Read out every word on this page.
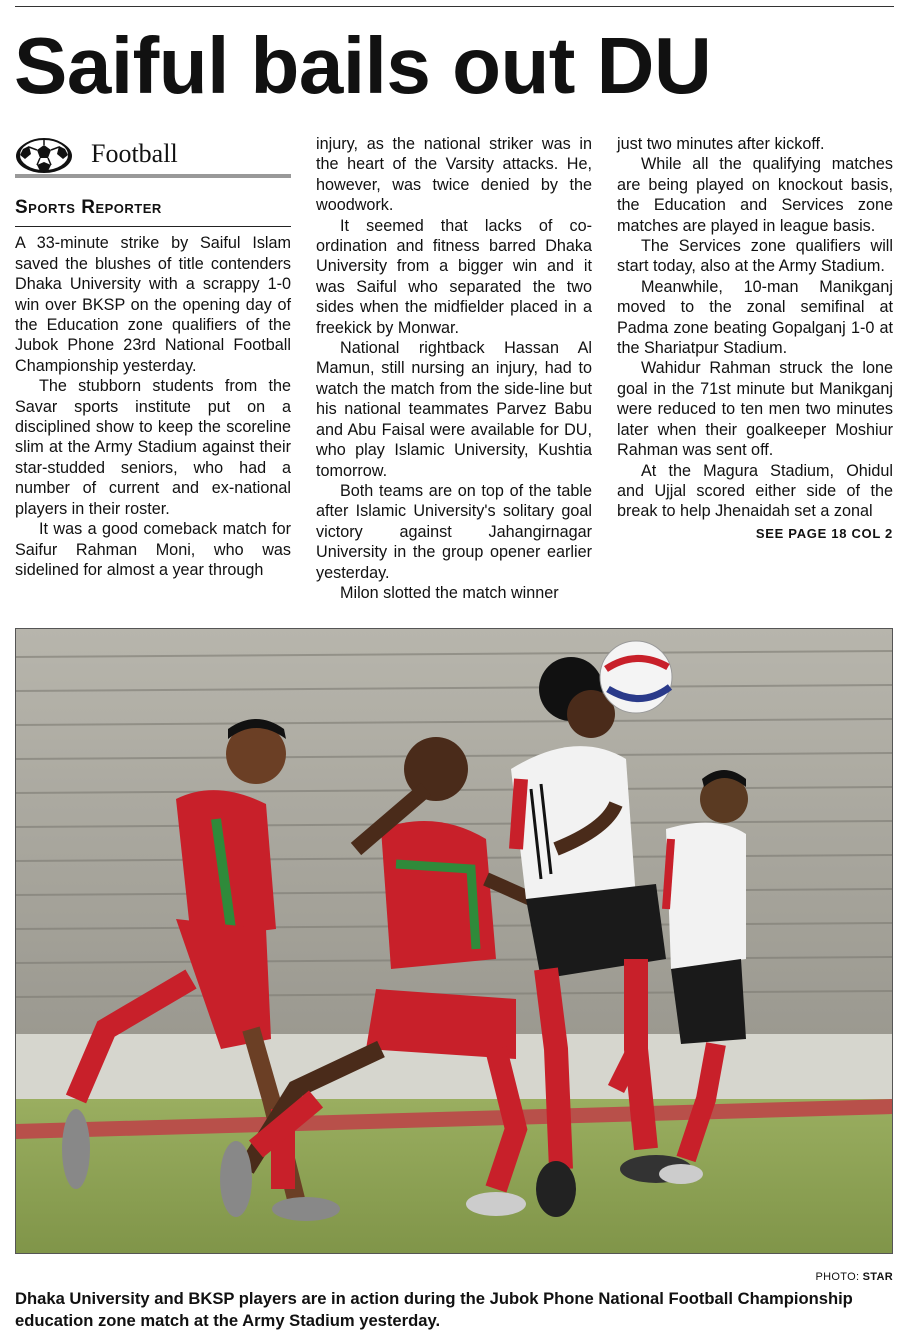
Saiful bails out DU
Football
Sports Reporter

A 33-minute strike by Saiful Islam saved the blushes of title contenders Dhaka University with a scrappy 1-0 win over BKSP on the opening day of the Education zone qualifiers of the Jubok Phone 23rd National Football Championship yesterday.

The stubborn students from the Savar sports institute put on a disciplined show to keep the scoreline slim at the Army Stadium against their star-studded seniors, who had a number of current and ex-national players in their roster.

It was a good comeback match for Saifur Rahman Moni, who was sidelined for almost a year through

injury, as the national striker was in the heart of the Varsity attacks. He, however, was twice denied by the woodwork.

It seemed that lacks of co-ordination and fitness barred Dhaka University from a bigger win and it was Saiful who separated the two sides when the midfielder placed in a freekick by Monwar.

National rightback Hassan Al Mamun, still nursing an injury, had to watch the match from the side-line but his national teammates Parvez Babu and Abu Faisal were available for DU, who play Islamic University, Kushtia tomorrow.

Both teams are on top of the table after Islamic University's solitary goal victory against Jahangirnagar University in the group opener earlier yesterday.

Milon slotted the match winner

just two minutes after kickoff.

While all the qualifying matches are being played on knockout basis, the Education and Services zone matches are played in league basis.

The Services zone qualifiers will start today, also at the Army Stadium.

Meanwhile, 10-man Manikganj moved to the zonal semifinal at Padma zone beating Gopalganj 1-0 at the Shariatpur Stadium.

Wahidur Rahman struck the lone goal in the 71st minute but Manikganj were reduced to ten men two minutes later when their goalkeeper Moshiur Rahman was sent off.

At the Magura Stadium, Ohidul and Ujjal scored either side of the break to help Jhenaidah set a zonal

SEE PAGE 18 COL 2
PHOTO: STAR

Dhaka University and BKSP players are in action during the Jubok Phone National Football Championship education zone match at the Army Stadium yesterday.
